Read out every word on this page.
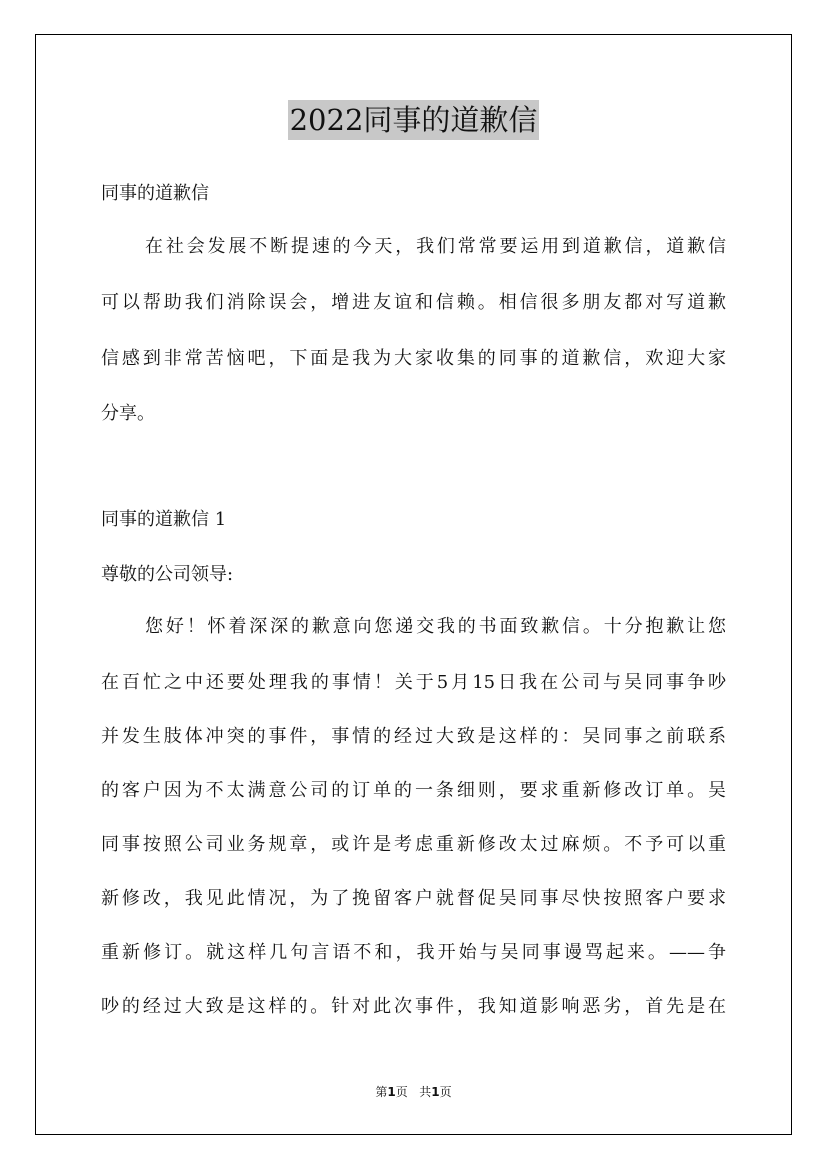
2022同事的道歉信
同事的道歉信
在社会发展不断提速的今天，我们常常要运用到道歉信，道歉信
可以帮助我们消除误会，增进友谊和信赖。相信很多朋友都对写道歉
信感到非常苦恼吧，下面是我为大家收集的同事的道歉信，欢迎大家
分享。
同事的道歉信 1
尊敬的公司领导:
您好！怀着深深的歉意向您递交我的书面致歉信。十分抱歉让您
在百忙之中还要处理我的事情！关于5月15日我在公司与吴同事争吵
并发生肢体冲突的事件，事情的经过大致是这样的：吴同事之前联系
的客户因为不太满意公司的订单的一条细则，要求重新修改订单。吴
同事按照公司业务规章，或许是考虑重新修改太过麻烦。不予可以重
新修改，我见此情况，为了挽留客户就督促吴同事尽快按照客户要求
重新修订。就这样几句言语不和，我开始与吴同事谩骂起来。——争
吵的经过大致是这样的。针对此次事件，我知道影响恶劣，首先是在
第1页 共1页
